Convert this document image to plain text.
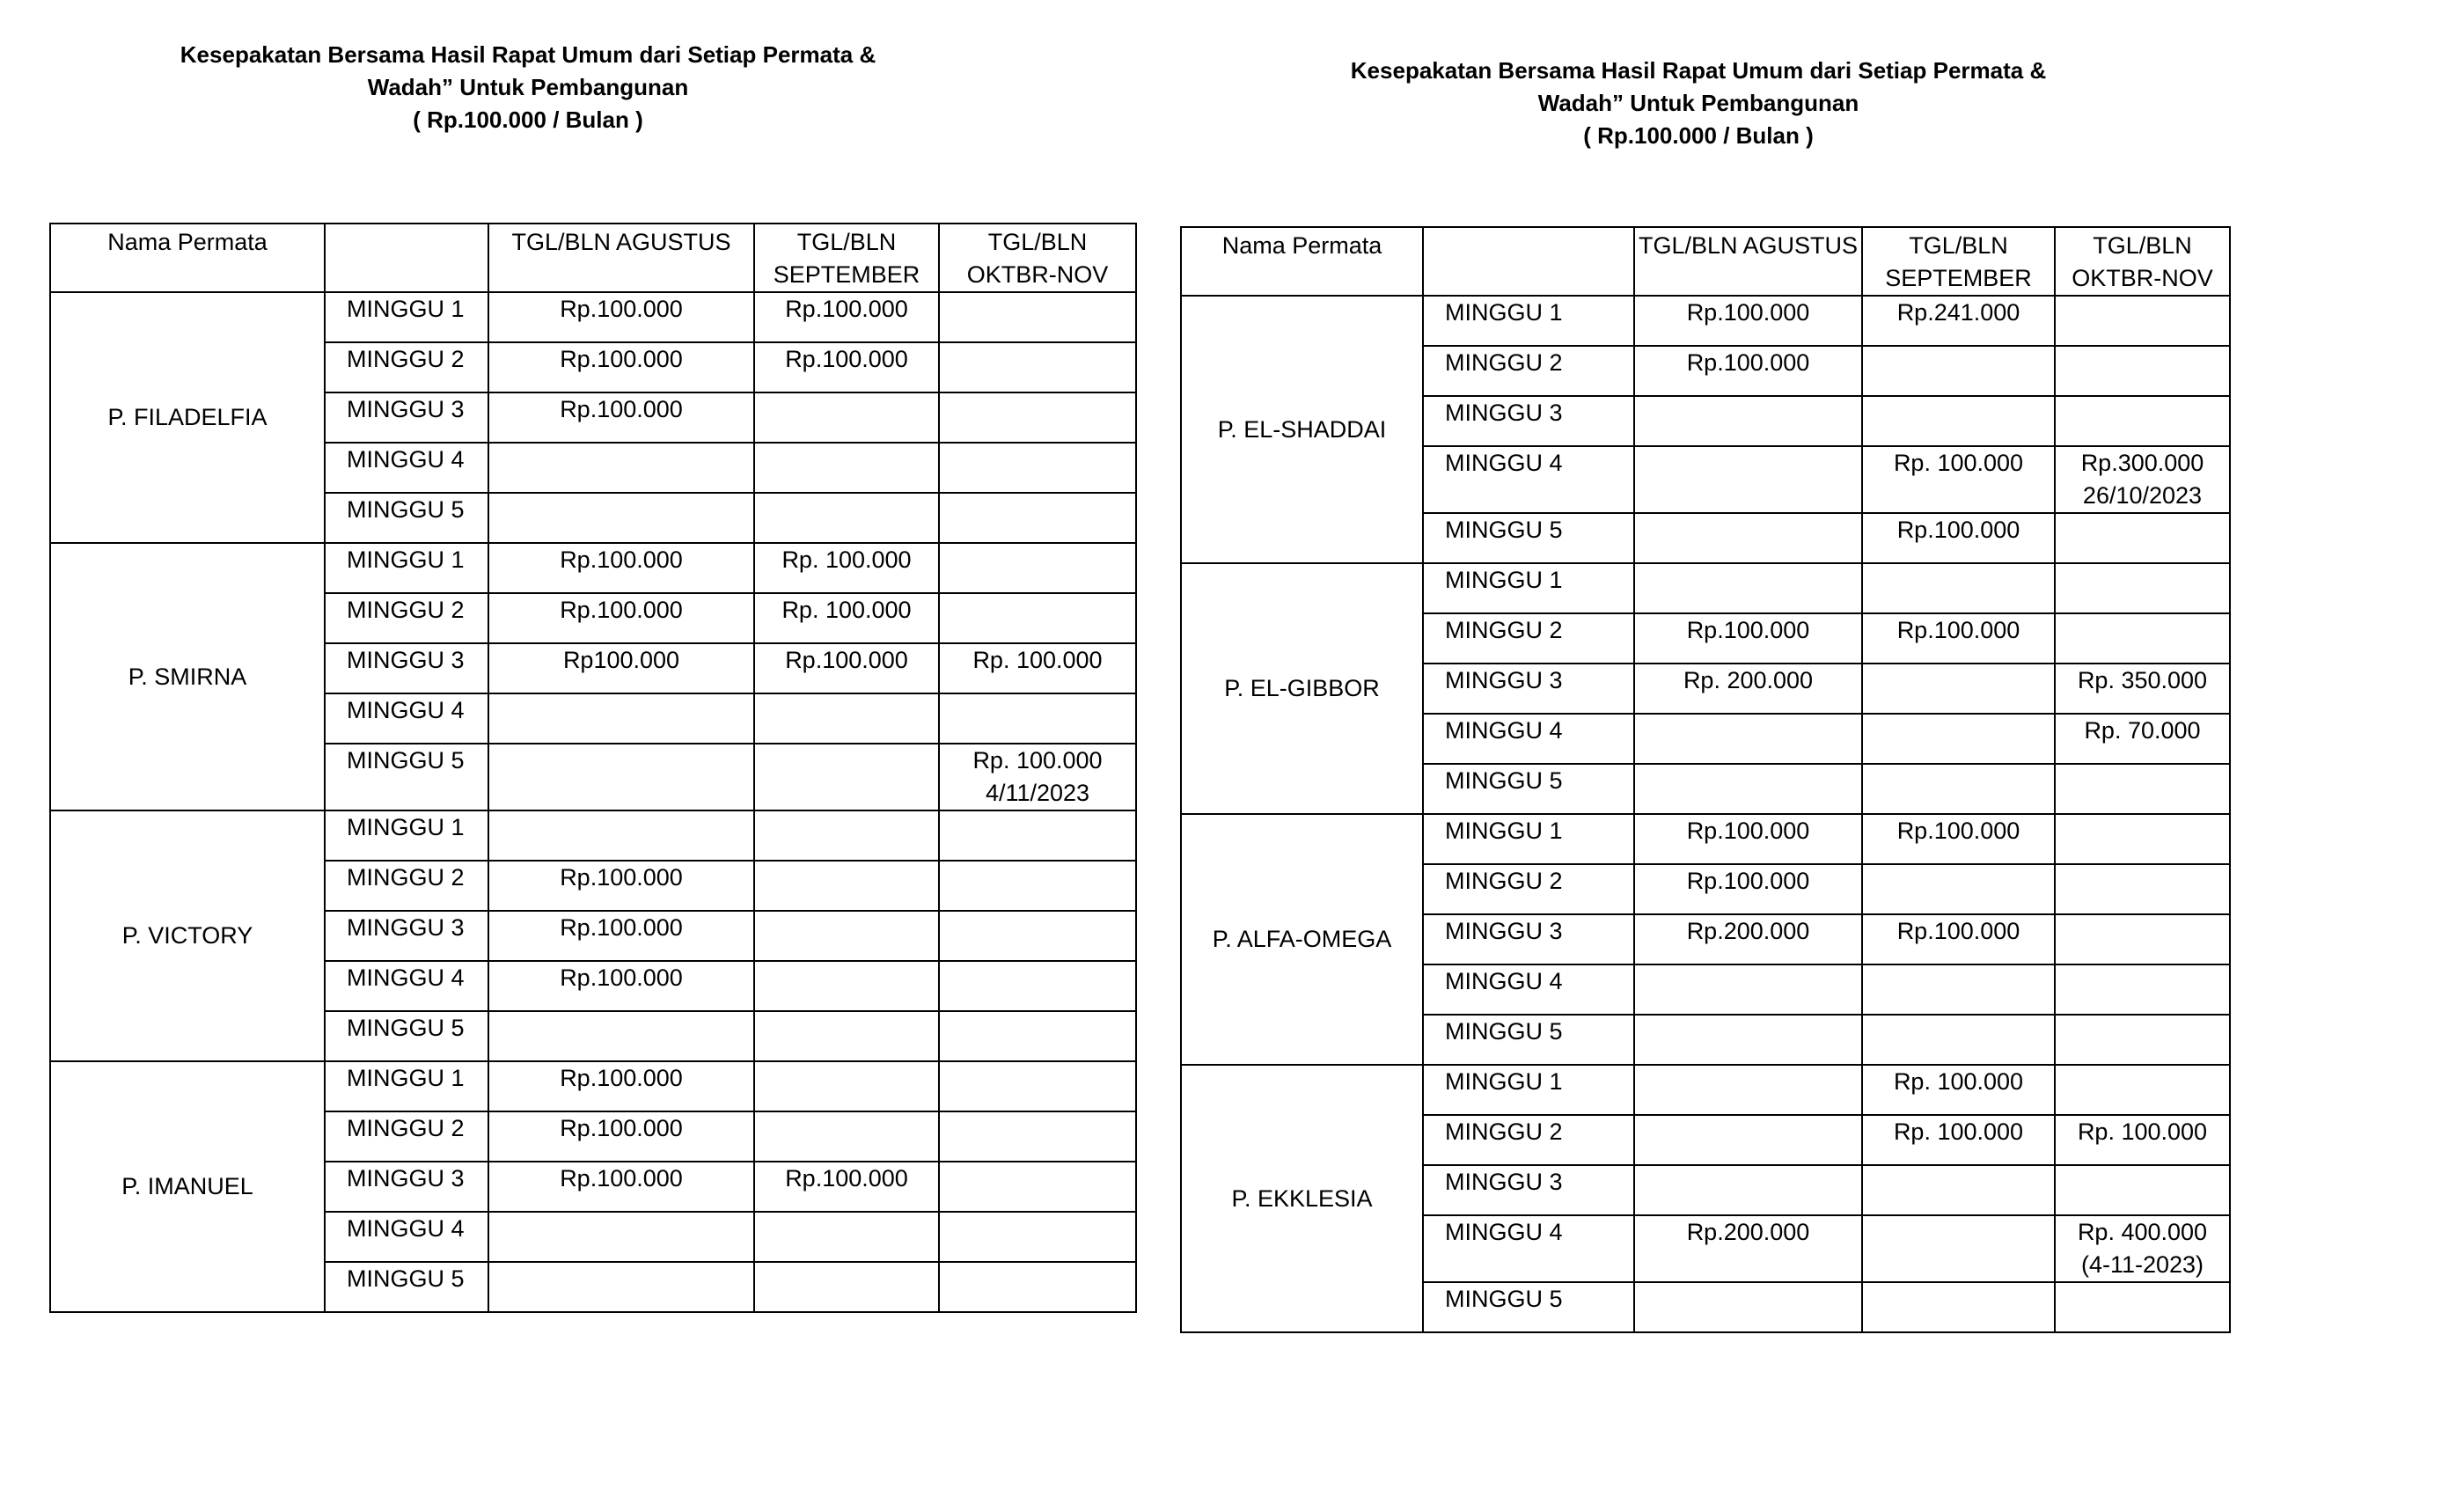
Kesepakatan Bersama Hasil Rapat Umum dari Setiap Permata &
Wadah” Untuk Pembangunan
( Rp.100.000 / Bulan )
Kesepakatan Bersama Hasil Rapat Umum dari Setiap Permata &
Wadah” Untuk Pembangunan
( Rp.100.000 / Bulan )
Nama Permata		TGL/BLN AGUSTUS	TGL/BLN SEPTEMBER	TGL/BLN OKTBR-NOV
P. FILADELFIA	MINGGU 1	Rp.100.000	Rp.100.000	
	MINGGU 2	Rp.100.000	Rp.100.000	
	MINGGU 3	Rp.100.000		
	MINGGU 4			
	MINGGU 5			
P. SMIRNA	MINGGU 1	Rp.100.000	Rp. 100.000	
	MINGGU 2	Rp.100.000	Rp. 100.000	
	MINGGU 3	Rp100.000	Rp.100.000	Rp. 100.000
	MINGGU 4			
	MINGGU 5			Rp. 100.000
4/11/2023
P. VICTORY	MINGGU 1			
	MINGGU 2	Rp.100.000		
	MINGGU 3	Rp.100.000		
	MINGGU 4	Rp.100.000		
	MINGGU 5			
P. IMANUEL	MINGGU 1	Rp.100.000		
	MINGGU 2	Rp.100.000		
	MINGGU 3	Rp.100.000	Rp.100.000	
	MINGGU 4			
	MINGGU 5			
Nama Permata		TGL/BLN AGUSTUS	TGL/BLN SEPTEMBER	TGL/BLN OKTBR-NOV
P. EL-SHADDAI	MINGGU 1	Rp.100.000	Rp.241.000	
	MINGGU 2	Rp.100.000		
	MINGGU 3			
	MINGGU 4		Rp. 100.000	Rp.300.000
26/10/2023
	MINGGU 5		Rp.100.000	
P. EL-GIBBOR	MINGGU 1			
	MINGGU 2	Rp.100.000	Rp.100.000	
	MINGGU 3	Rp. 200.000		Rp. 350.000
	MINGGU 4			Rp. 70.000
	MINGGU 5			
P. ALFA-OMEGA	MINGGU 1	Rp.100.000	Rp.100.000	
	MINGGU 2	Rp.100.000		
	MINGGU 3	Rp.200.000	Rp.100.000	
	MINGGU 4			
	MINGGU 5			
P. EKKLESIA	MINGGU 1		Rp. 100.000	
	MINGGU 2		Rp. 100.000	Rp. 100.000
	MINGGU 3			
	MINGGU 4	Rp.200.000		Rp. 400.000
(4-11-2023)
	MINGGU 5			
